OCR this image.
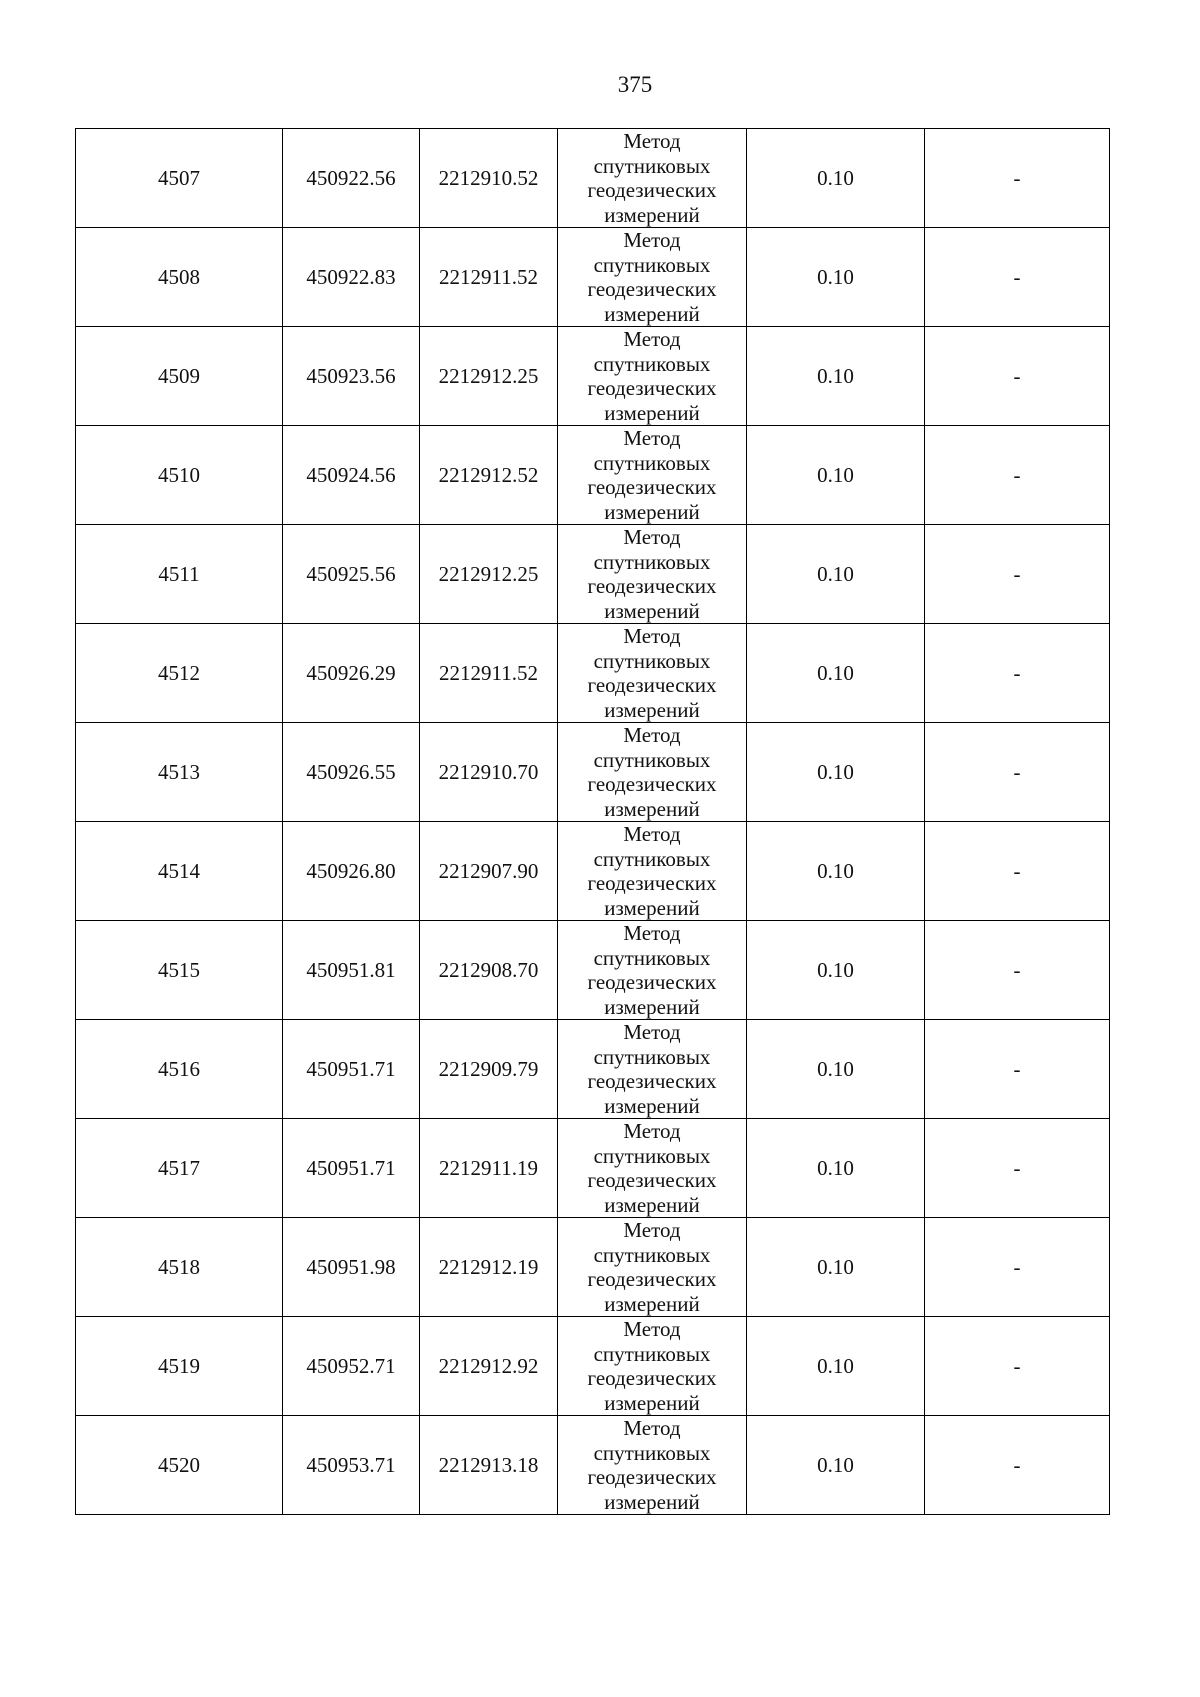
375
4507	450922.56	2212910.52	Метод
спутниковых
геодезических
измерений	0.10	-
4508	450922.83	2212911.52	Метод
спутниковых
геодезических
измерений	0.10	-
4509	450923.56	2212912.25	Метод
спутниковых
геодезических
измерений	0.10	-
4510	450924.56	2212912.52	Метод
спутниковых
геодезических
измерений	0.10	-
4511	450925.56	2212912.25	Метод
спутниковых
геодезических
измерений	0.10	-
4512	450926.29	2212911.52	Метод
спутниковых
геодезических
измерений	0.10	-
4513	450926.55	2212910.70	Метод
спутниковых
геодезических
измерений	0.10	-
4514	450926.80	2212907.90	Метод
спутниковых
геодезических
измерений	0.10	-
4515	450951.81	2212908.70	Метод
спутниковых
геодезических
измерений	0.10	-
4516	450951.71	2212909.79	Метод
спутниковых
геодезических
измерений	0.10	-
4517	450951.71	2212911.19	Метод
спутниковых
геодезических
измерений	0.10	-
4518	450951.98	2212912.19	Метод
спутниковых
геодезических
измерений	0.10	-
4519	450952.71	2212912.92	Метод
спутниковых
геодезических
измерений	0.10	-
4520	450953.71	2212913.18	Метод
спутниковых
геодезических
измерений	0.10	-
